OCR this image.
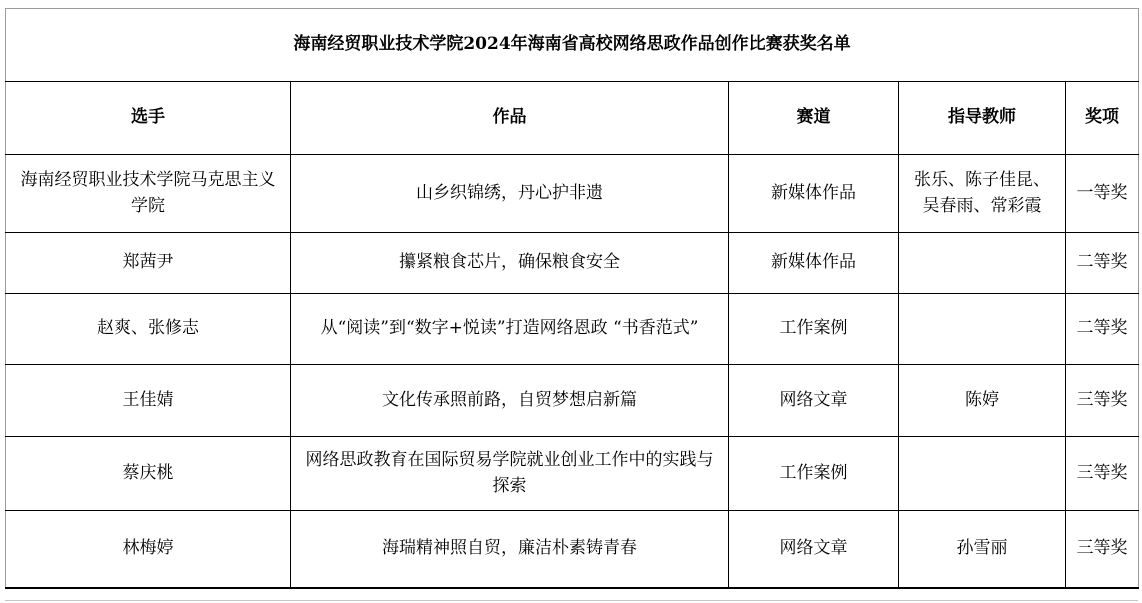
海南经贸职业技术学院2024年海南省高校网络思政作品创作比赛获奖名单				
选手	作品	赛道	指导教师	奖项
海南经贸职业技术学院马克思主义学院	山乡织锦绣，丹心护非遗	新媒体作品	张乐、陈子佳昆、吴春雨、常彩霞	一等奖
郑茜尹	攥紧粮食芯片，确保粮食安全	新媒体作品		二等奖
赵爽、张修志	从“阅读”到“数字+悦读”打造网络恩政 “书香范式”	工作案例		二等奖
王佳婧	文化传承照前路，自贸梦想启新篇	网络文章	陈婷	三等奖
蔡庆桃	网络思政教育在国际贸易学院就业创业工作中的实践与探索	工作案例		三等奖
林梅婷	海瑞精神照自贸，廉洁朴素铸青春	网络文章	孙雪丽	三等奖
